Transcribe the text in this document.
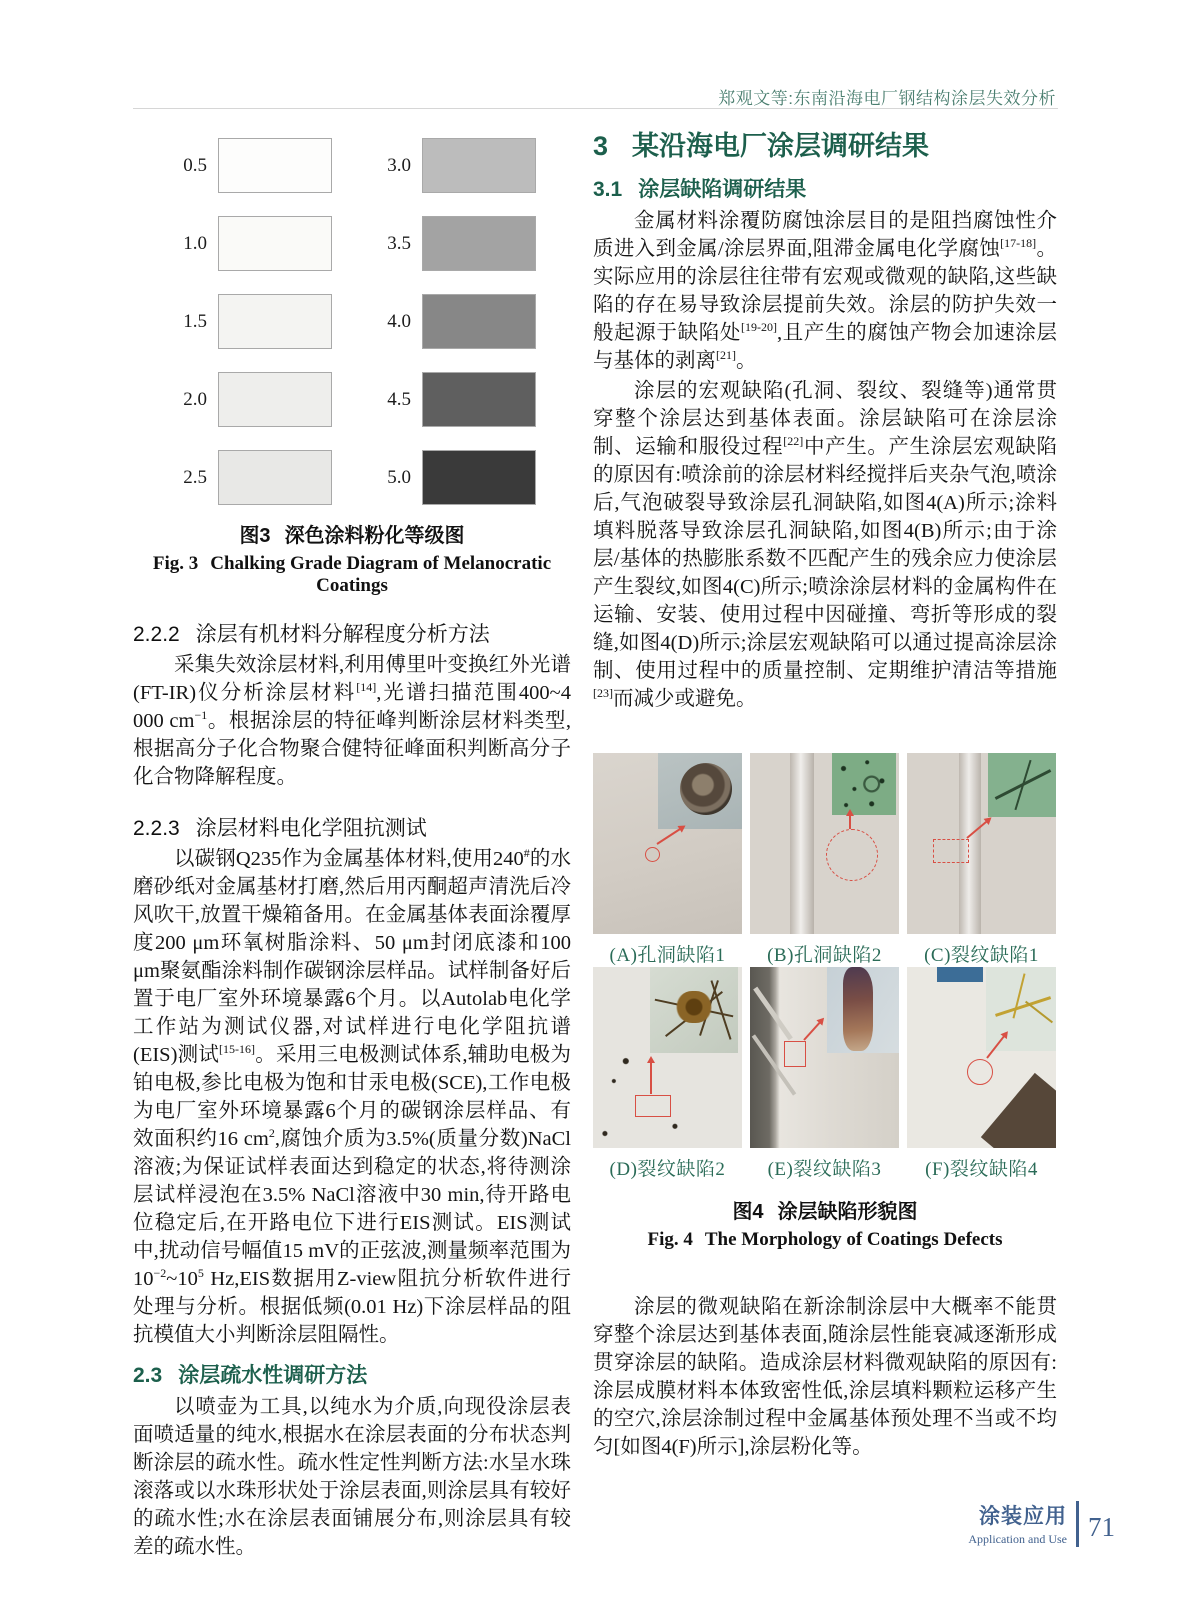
郑观文等:东南沿海电厂钢结构涂层失效分析
0.5	3.0
1.0	3.5
1.5	4.0
2.0	4.5
2.5	5.0
图3 深色涂料粉化等级图
Fig. 3 Chalking Grade Diagram of Melanocratic Coatings
2.2.2 涂层有机材料分解程度分析方法

采集失效涂层材料,利用傅里叶变换红外光谱(FT-IR)仪分析涂层材料[14],光谱扫描范围400~4 000 $cm^{-1}$。根据涂层的特征峰判断涂层材料类型,根据高分子化合物聚合健特征峰面积判断高分子化合物降解程度。

2.2.3 涂层材料电化学阻抗测试

以碳钢Q235作为金属基体材料,使用240#的水磨砂纸对金属基材打磨,然后用丙酮超声清洗后冷风吹干,放置干燥箱备用。在金属基体表面涂覆厚度200 μm环氧树脂涂料、50 μm封闭底漆和100 μm聚氨酯涂料制作碳钢涂层样品。试样制备好后置于电厂室外环境暴露6个月。以Autolab电化学工作站为测试仪器,对试样进行电化学阻抗谱(EIS)测试[15-16]。采用三电极测试体系,辅助电极为铂电极,参比电极为饱和甘汞电极(SCE),工作电极为电厂室外环境暴露6个月的碳钢涂层样品、有效面积约16 $cm^2$,腐蚀介质为3.5%(质量分数)NaCl溶液;为保证试样表面达到稳定的状态,将待测涂层试样浸泡在3.5% NaCl溶液中30 min,待开路电位稳定后,在开路电位下进行EIS测试。EIS测试中,扰动信号幅值15 mV的正弦波,测量频率范围为$10^{-2}\sim 10^5$ Hz,EIS数据用Z-view阻抗分析软件进行处理与分析。根据低频(0.01 Hz)下涂层样品的阻抗模值大小判断涂层阻隔性。

2.3 涂层疏水性调研方法

以喷壶为工具,以纯水为介质,向现役涂层表面喷适量的纯水,根据水在涂层表面的分布状态判断涂层的疏水性。疏水性定性判断方法:水呈水珠滚落或以水珠形状处于涂层表面,则涂层具有较好的疏水性;水在涂层表面铺展分布,则涂层具有较差的疏水性。

3 某沿海电厂涂层调研结果
3.1 涂层缺陷调研结果

金属材料涂覆防腐蚀涂层目的是阻挡腐蚀性介质进入到金属/涂层界面,阻滞金属电化学腐蚀[17-18]。实际应用的涂层往往带有宏观或微观的缺陷,这些缺陷的存在易导致涂层提前失效。涂层的防护失效一般起源于缺陷处[19-20],且产生的腐蚀产物会加速涂层与基体的剥离[21]。

涂层的宏观缺陷(孔洞、裂纹、裂缝等)通常贯穿整个涂层达到基体表面。涂层缺陷可在涂层涂制、运输和服役过程[22]中产生。产生涂层宏观缺陷的原因有:喷涂前的涂层材料经搅拌后夹杂气泡,喷涂后,气泡破裂导致涂层孔洞缺陷,如图4(A)所示;涂料填料脱落导致涂层孔洞缺陷,如图4(B)所示;由于涂层/基体的热膨胀系数不匹配产生的残余应力使涂层产生裂纹,如图4(C)所示;喷涂涂层材料的金属构件在运输、安装、使用过程中因碰撞、弯折等形成的裂缝,如图4(D)所示;涂层宏观缺陷可以通过提高涂层涂制、使用过程中的质量控制、定期维护清洁等措施[23]而减少或避免。

(A)孔洞缺陷1	(B)孔洞缺陷2	(C)裂纹缺陷1
(D)裂纹缺陷2	(E)裂纹缺陷3	(F)裂纹缺陷4
图4 涂层缺陷形貌图
Fig. 4 The Morphology of Coatings Defects

涂层的微观缺陷在新涂制涂层中大概率不能贯穿整个涂层达到基体表面,随涂层性能衰减逐渐形成贯穿涂层的缺陷。造成涂层材料微观缺陷的原因有:涂层成膜材料本体致密性低,涂层填料颗粒运移产生的空穴,涂层涂制过程中金属基体预处理不当或不均匀[如图4(F)所示],涂层粉化等。

涂装应用
Application and Use 71
